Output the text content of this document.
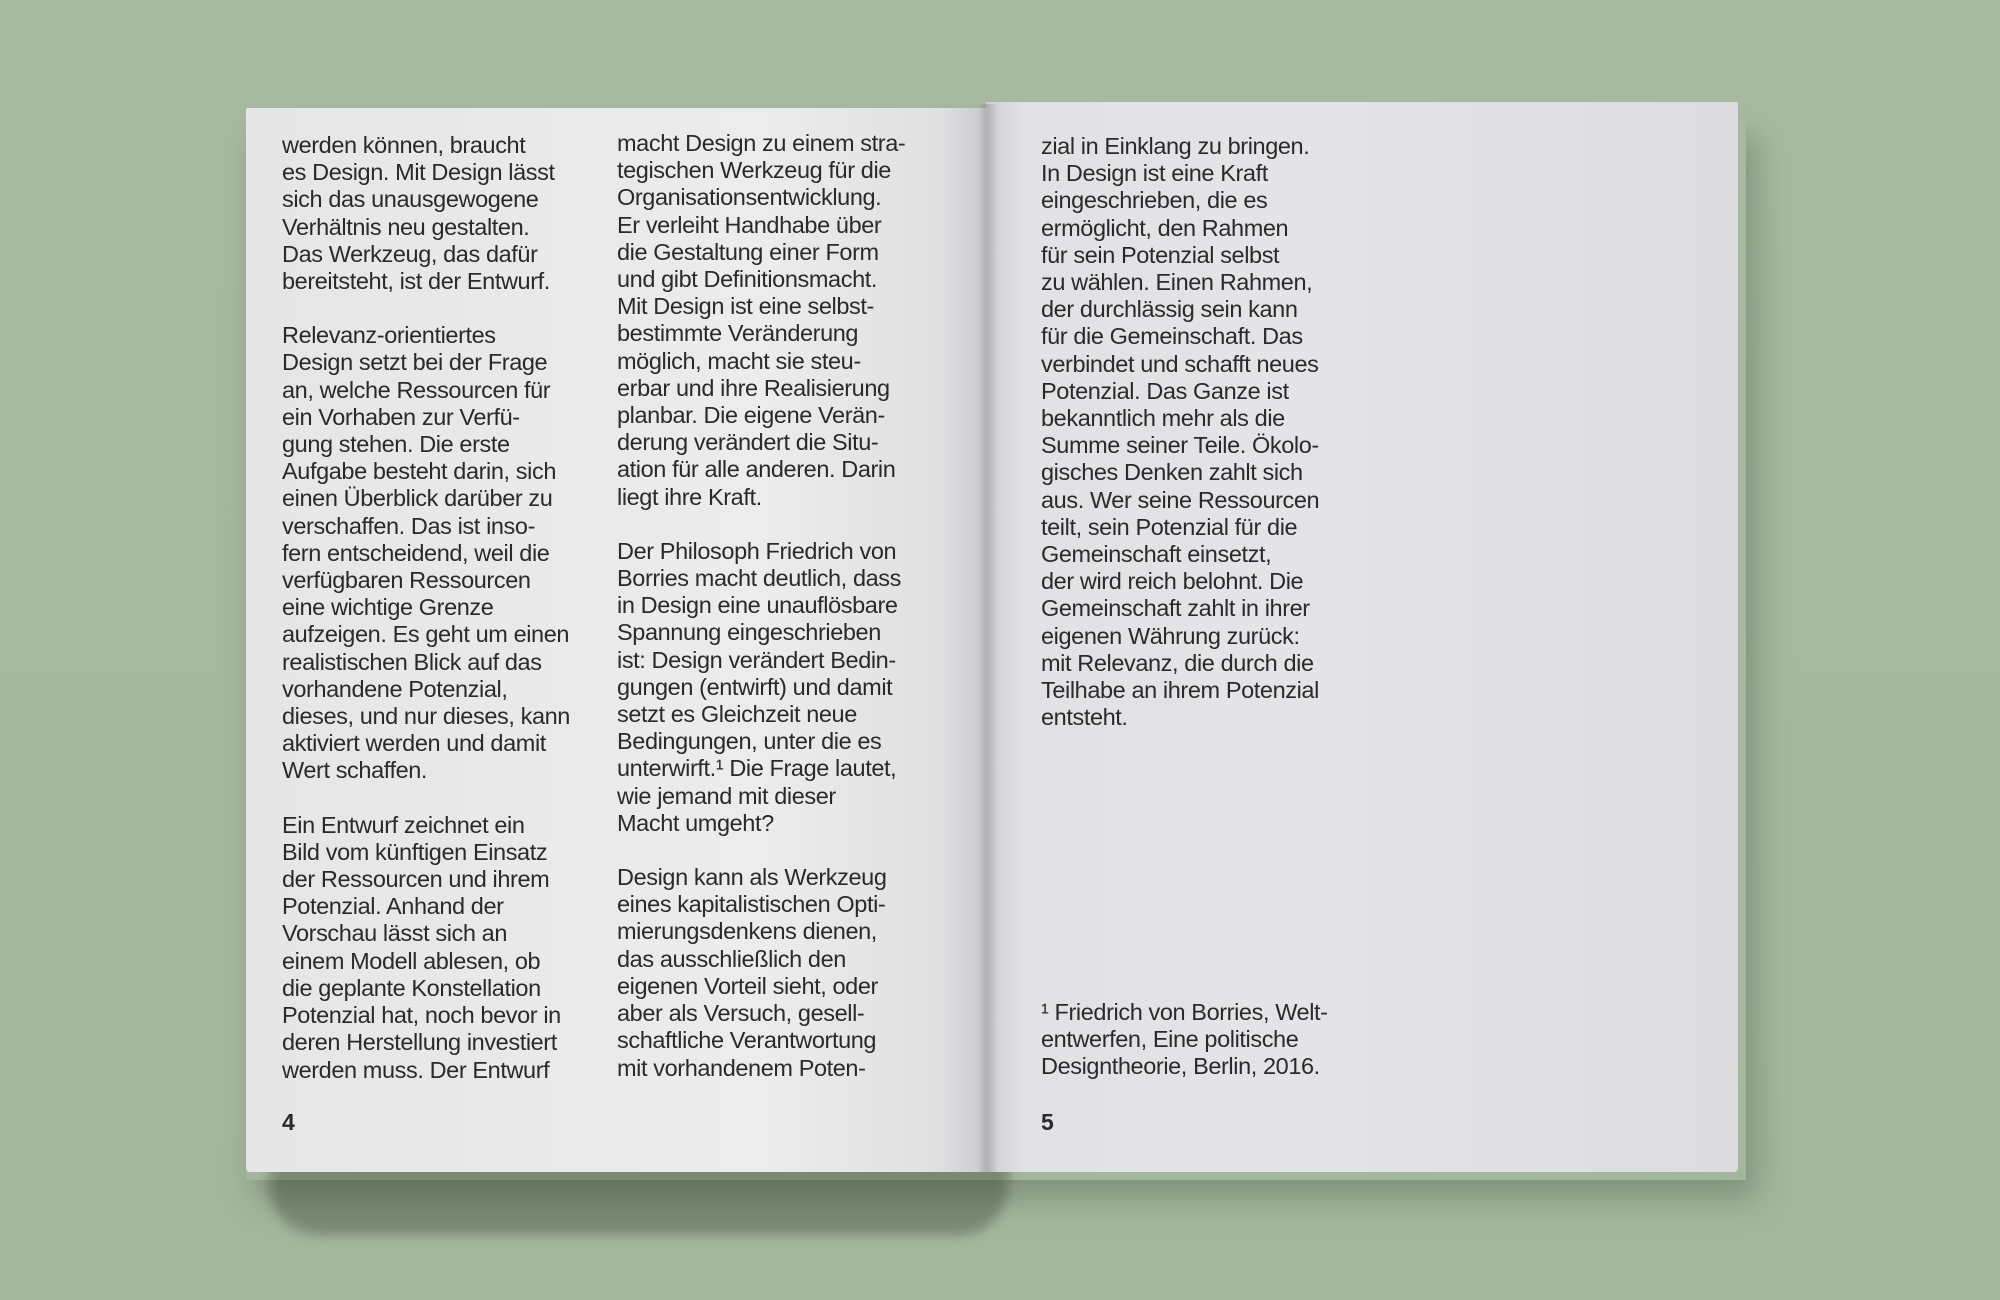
werden können, braucht
es Design. Mit Design lässt
sich das unausgewogene
Verhältnis neu gestalten.
Das Werkzeug, das dafür
bereitsteht, ist der Entwurf.

Relevanz-orientiertes
Design setzt bei der Frage
an, welche Ressourcen für
ein Vorhaben zur Verfü-
gung stehen. Die erste
Aufgabe besteht darin, sich
einen Überblick darüber zu
verschaffen. Das ist inso-
fern entscheidend, weil die
verfügbaren Ressourcen
eine wichtige Grenze
aufzeigen. Es geht um einen
realistischen Blick auf das
vorhandene Potenzial,
dieses, und nur dieses, kann
aktiviert werden und damit
Wert schaffen.

Ein Entwurf zeichnet ein
Bild vom künftigen Einsatz
der Ressourcen und ihrem
Potenzial. Anhand der
Vorschau lässt sich an
einem Modell ablesen, ob
die geplante Konstellation
Potenzial hat, noch bevor in
deren Herstellung investiert
werden muss. Der Entwurf

macht Design zu einem stra-
tegischen Werkzeug für die
Organisationsentwicklung.
Er verleiht Handhabe über
die Gestaltung einer Form
und gibt Definitionsmacht.
Mit Design ist eine selbst-
bestimmte Veränderung
möglich, macht sie steu-
erbar und ihre Realisierung
planbar. Die eigene Verän-
derung verändert die Situ-
ation für alle anderen. Darin
liegt ihre Kraft.

Der Philosoph Friedrich von
Borries macht deutlich, dass
in Design eine unauflösbare
Spannung eingeschrieben
ist: Design verändert Bedin-
gungen (entwirft) und damit
setzt es Gleichzeit neue
Bedingungen, unter die es
unterwirft.¹ Die Frage lautet,
wie jemand mit dieser
Macht umgeht?

Design kann als Werkzeug
eines kapitalistischen Opti-
mierungsdenkens dienen,
das ausschließlich den
eigenen Vorteil sieht, oder
aber als Versuch, gesell-
schaftliche Verantwortung
mit vorhandenem Poten-

zial in Einklang zu bringen.
In Design ist eine Kraft
eingeschrieben, die es
ermöglicht, den Rahmen
für sein Potenzial selbst
zu wählen. Einen Rahmen,
der durchlässig sein kann
für die Gemeinschaft. Das
verbindet und schafft neues
Potenzial. Das Ganze ist
bekanntlich mehr als die
Summe seiner Teile. Ökolo-
gisches Denken zahlt sich
aus. Wer seine Ressourcen
teilt, sein Potenzial für die
Gemeinschaft einsetzt,
der wird reich belohnt. Die
Gemeinschaft zahlt in ihrer
eigenen Währung zurück:
mit Relevanz, die durch die
Teilhabe an ihrem Potenzial
entsteht.

¹ Friedrich von Borries, Welt-
entwerfen, Eine politische
Designtheorie, Berlin, 2016.
4	5
